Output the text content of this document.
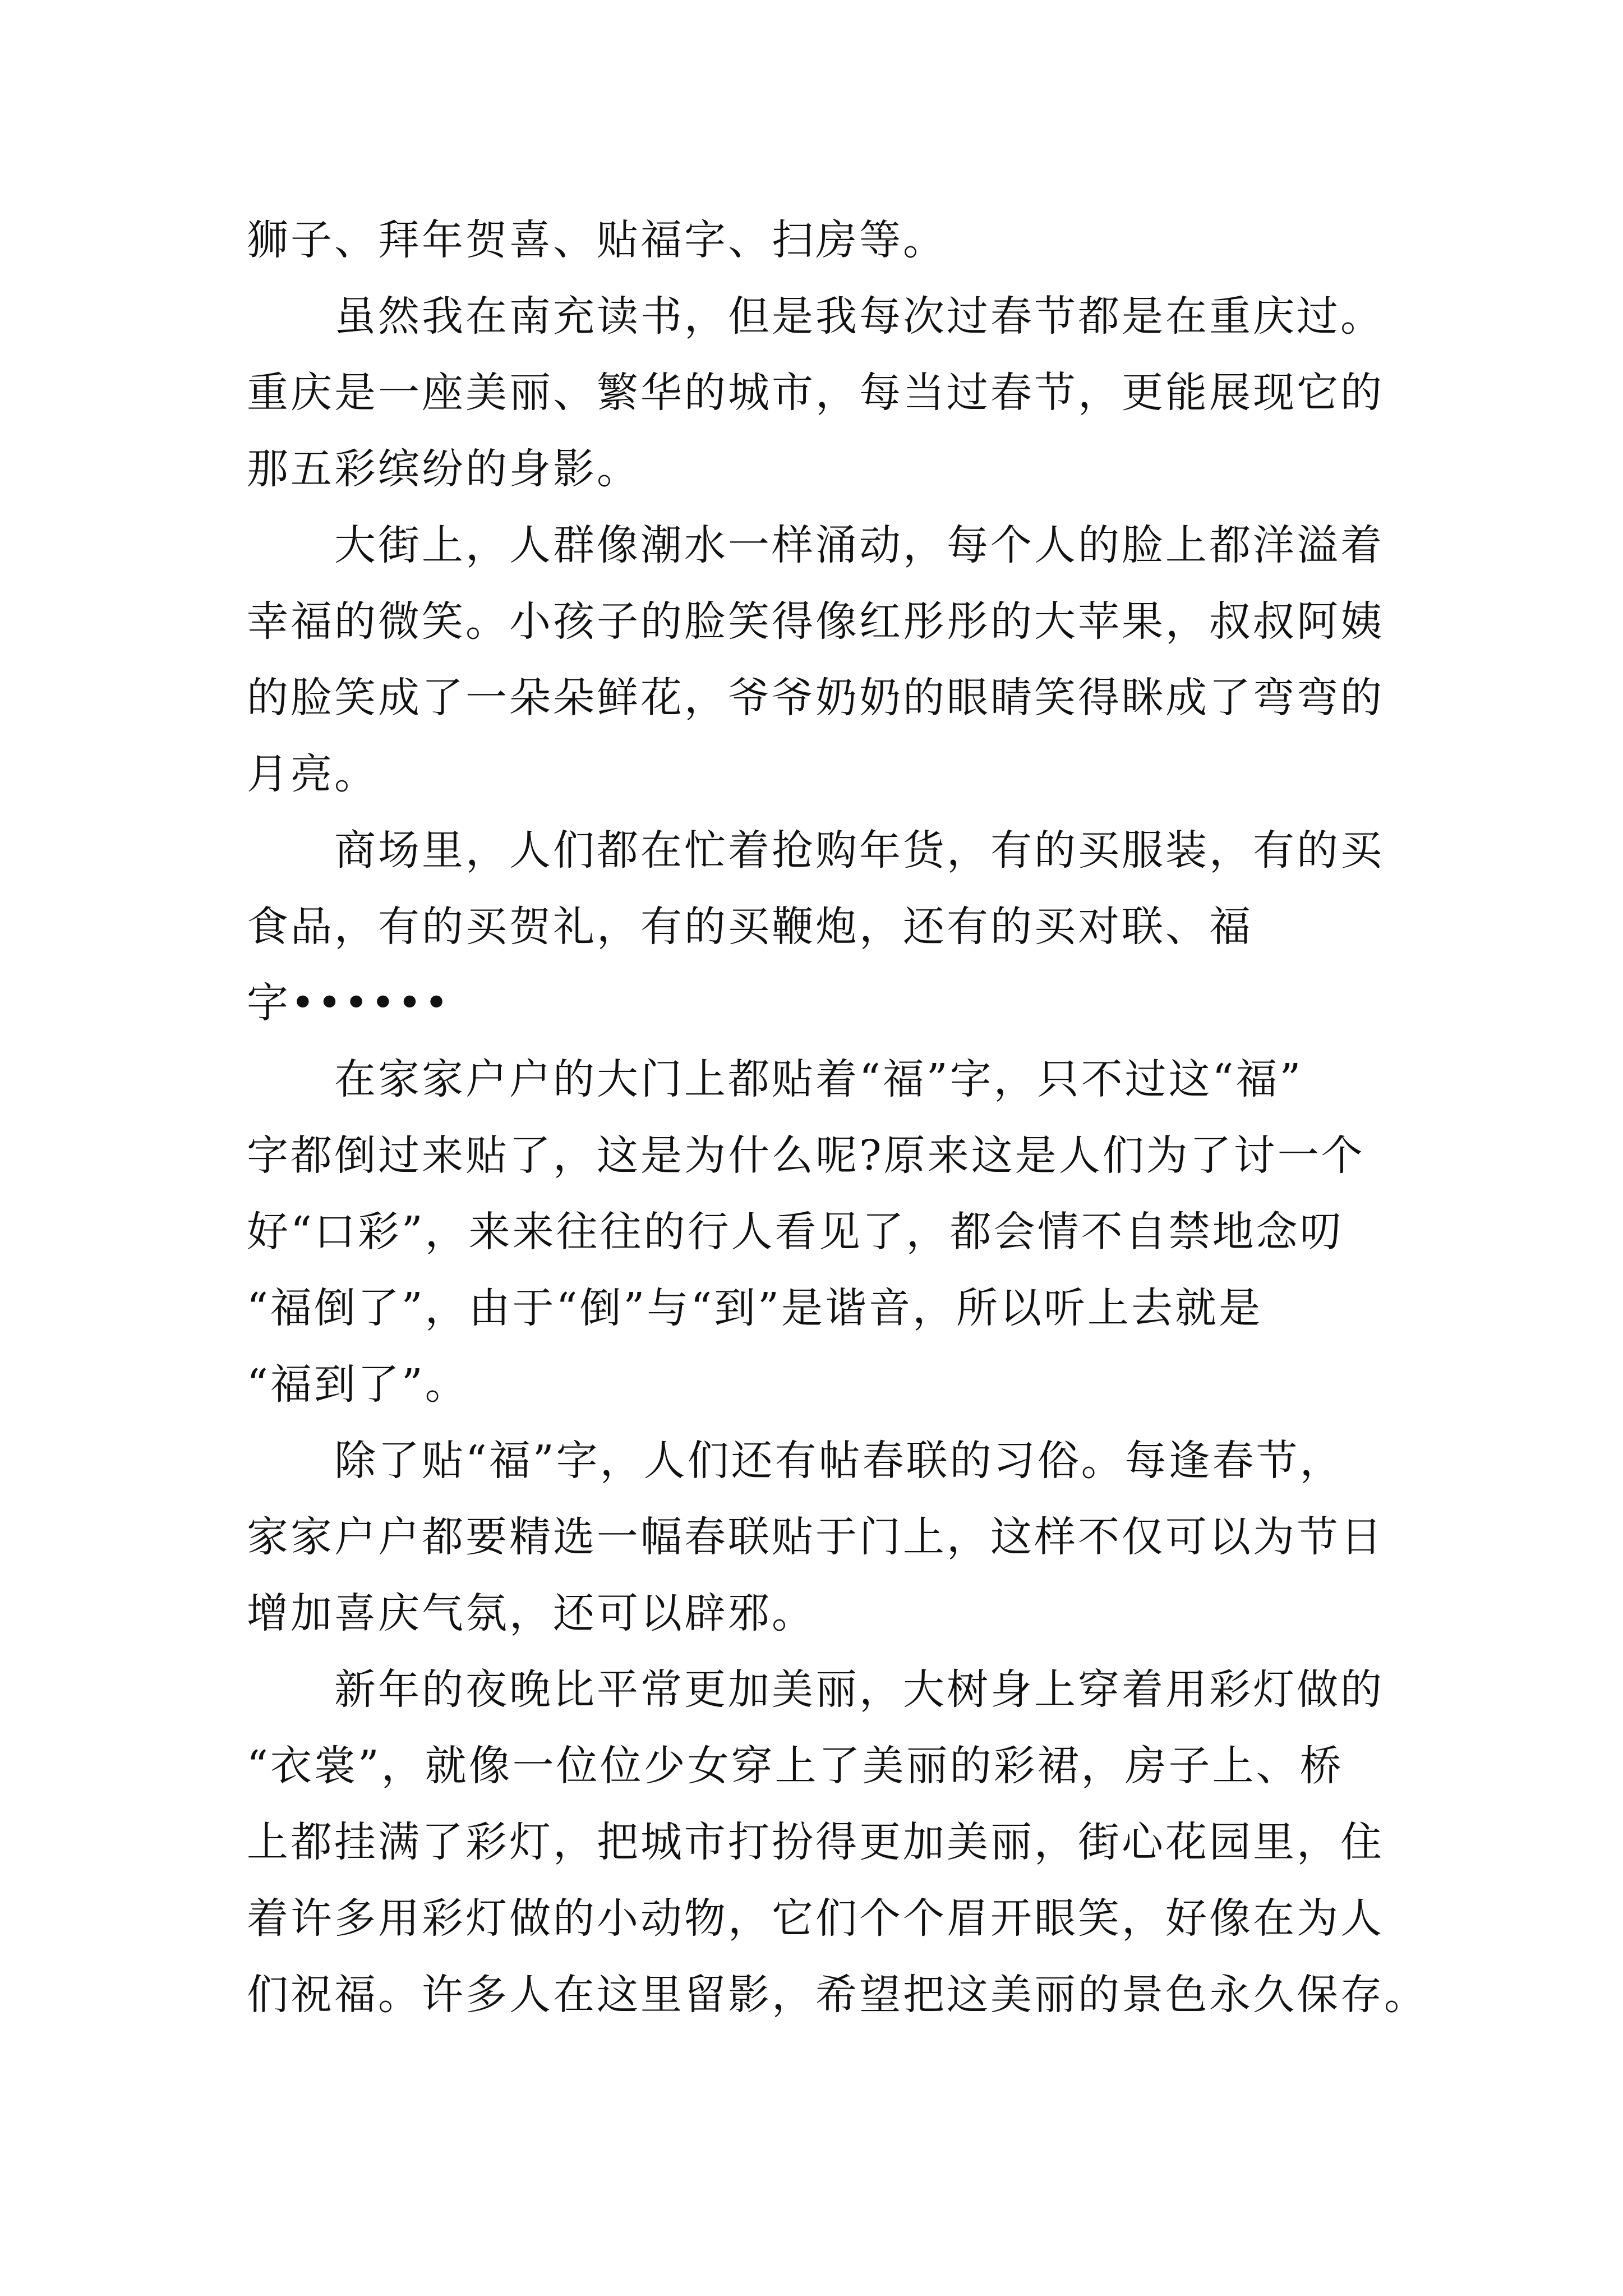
狮子、拜年贺喜、贴福字、扫房等。
　　虽然我在南充读书，但是我每次过春节都是在重庆过。
重庆是一座美丽、繁华的城市，每当过春节，更能展现它的
那五彩缤纷的身影。
　　大街上，人群像潮水一样涌动，每个人的脸上都洋溢着
幸福的微笑。小孩子的脸笑得像红彤彤的大苹果，叔叔阿姨
的脸笑成了一朵朵鲜花，爷爷奶奶的眼睛笑得眯成了弯弯的
月亮。
　　商场里，人们都在忙着抢购年货，有的买服装，有的买
食品，有的买贺礼，有的买鞭炮，还有的买对联、福
字••••••
　　在家家户户的大门上都贴着“福”字，只不过这“福”
字都倒过来贴了，这是为什么呢?原来这是人们为了讨一个
好“口彩”，来来往往的行人看见了，都会情不自禁地念叨
“福倒了”，由于“倒”与“到”是谐音，所以听上去就是
“福到了”。
　　除了贴“福”字，人们还有帖春联的习俗。每逢春节，
家家户户都要精选一幅春联贴于门上，这样不仅可以为节日
增加喜庆气氛，还可以辟邪。
　　新年的夜晚比平常更加美丽，大树身上穿着用彩灯做的
“衣裳”，就像一位位少女穿上了美丽的彩裙，房子上、桥
上都挂满了彩灯，把城市打扮得更加美丽，街心花园里，住
着许多用彩灯做的小动物，它们个个眉开眼笑，好像在为人
们祝福。许多人在这里留影，希望把这美丽的景色永久保存。
